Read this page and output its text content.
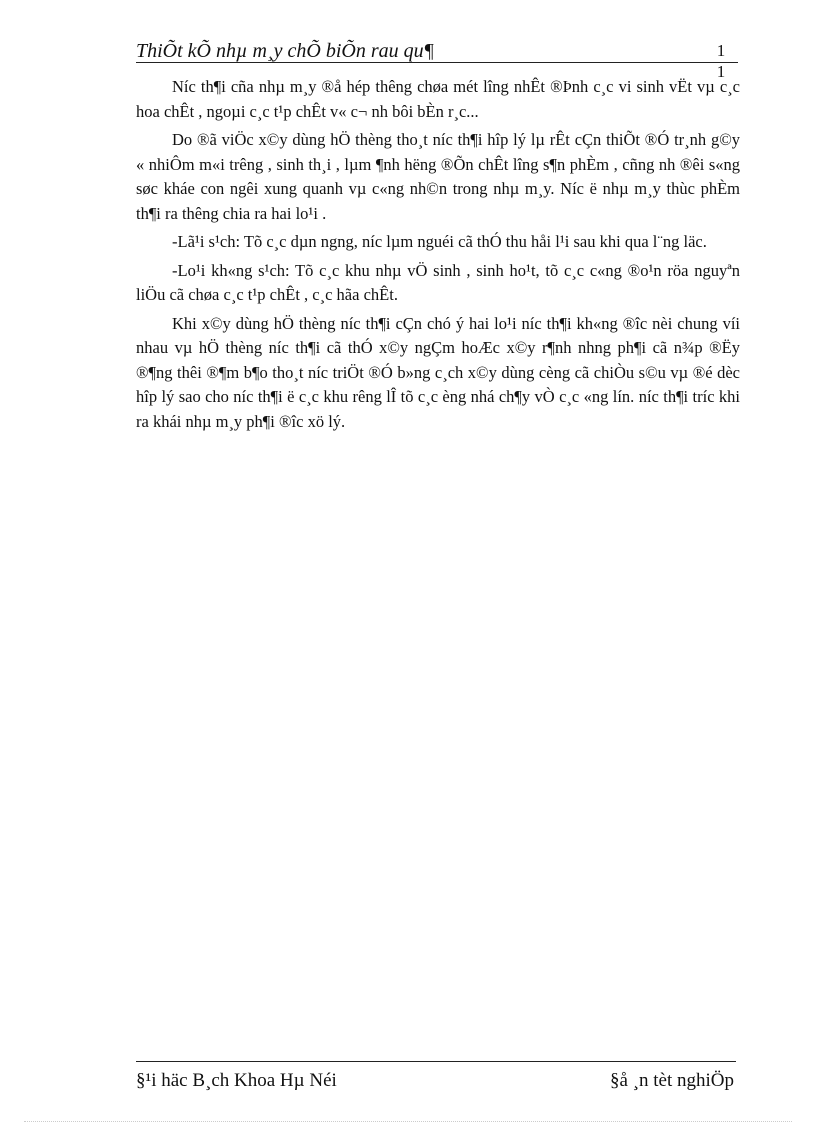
ThiÕt kÕ nhµ m¸y chÕ biÕn rau qu¶	1
1

Níc th¶i cña nhµ m¸y ®å hép thêng chøa mét lîng nhÊt ®Þnh c¸c vi sinh vËt vµ c¸c hoa chÊt , ngoµi c¸c t¹p chÊt v« c¬ nh bôi bÈn r¸c...

Do ®ã viÖc x©y dùng hÖ thèng tho¸t níc th¶i hîp lý lµ rÊt cÇn thiÕt ®Ó tr¸nh g©y « nhiÔm m«i trêng , sinh th¸i , lµm ¶nh hëng ®Õn chÊt lîng s¶n phÈm , cñng nh ®êi s«ng søc kháe con ngêi xung quanh vµ c«ng nh©n trong nhµ m¸y. Níc ë nhµ m¸y thùc phÈm th¶i ra thêng chia ra hai lo¹i .

-Lã¹i s¹ch: Tõ c¸c dµn ngng, níc lµm nguéi cã thÓ thu håi l¹i sau khi qua l¨ng läc.

-Lo¹i kh«ng s¹ch: Tõ c¸c khu nhµ vÖ sinh , sinh ho¹t, tõ c¸c c«ng ®o¹n röa nguyªn liÖu cã chøa c¸c t¹p chÊt , c¸c hãa chÊt.

Khi x©y dùng hÖ thèng níc th¶i cÇn chó ý hai lo¹i níc th¶i kh«ng ®îc nèi chung víi nhau vµ hÖ thèng níc th¶i cã thÓ x©y ngÇm hoÆc x©y r¶nh nhng ph¶i cã n¾p ®Ëy ®¶ng thêi ®¶m b¶o tho¸t níc triÖt ®Ó b»ng c¸ch x©y dùng cèng cã chiÒu s©u vµ ®é dèc hîp lý sao cho níc th¶i ë c¸c khu rêng lÎ tõ c¸c èng nhá ch¶y vÒ c¸c «ng lín. níc th¶i tríc khi ra khái nhµ m¸y ph¶i ®îc xö lý.

§¹i häc B¸ch Khoa Hµ Néi	§å ¸n tèt nghiÖp
